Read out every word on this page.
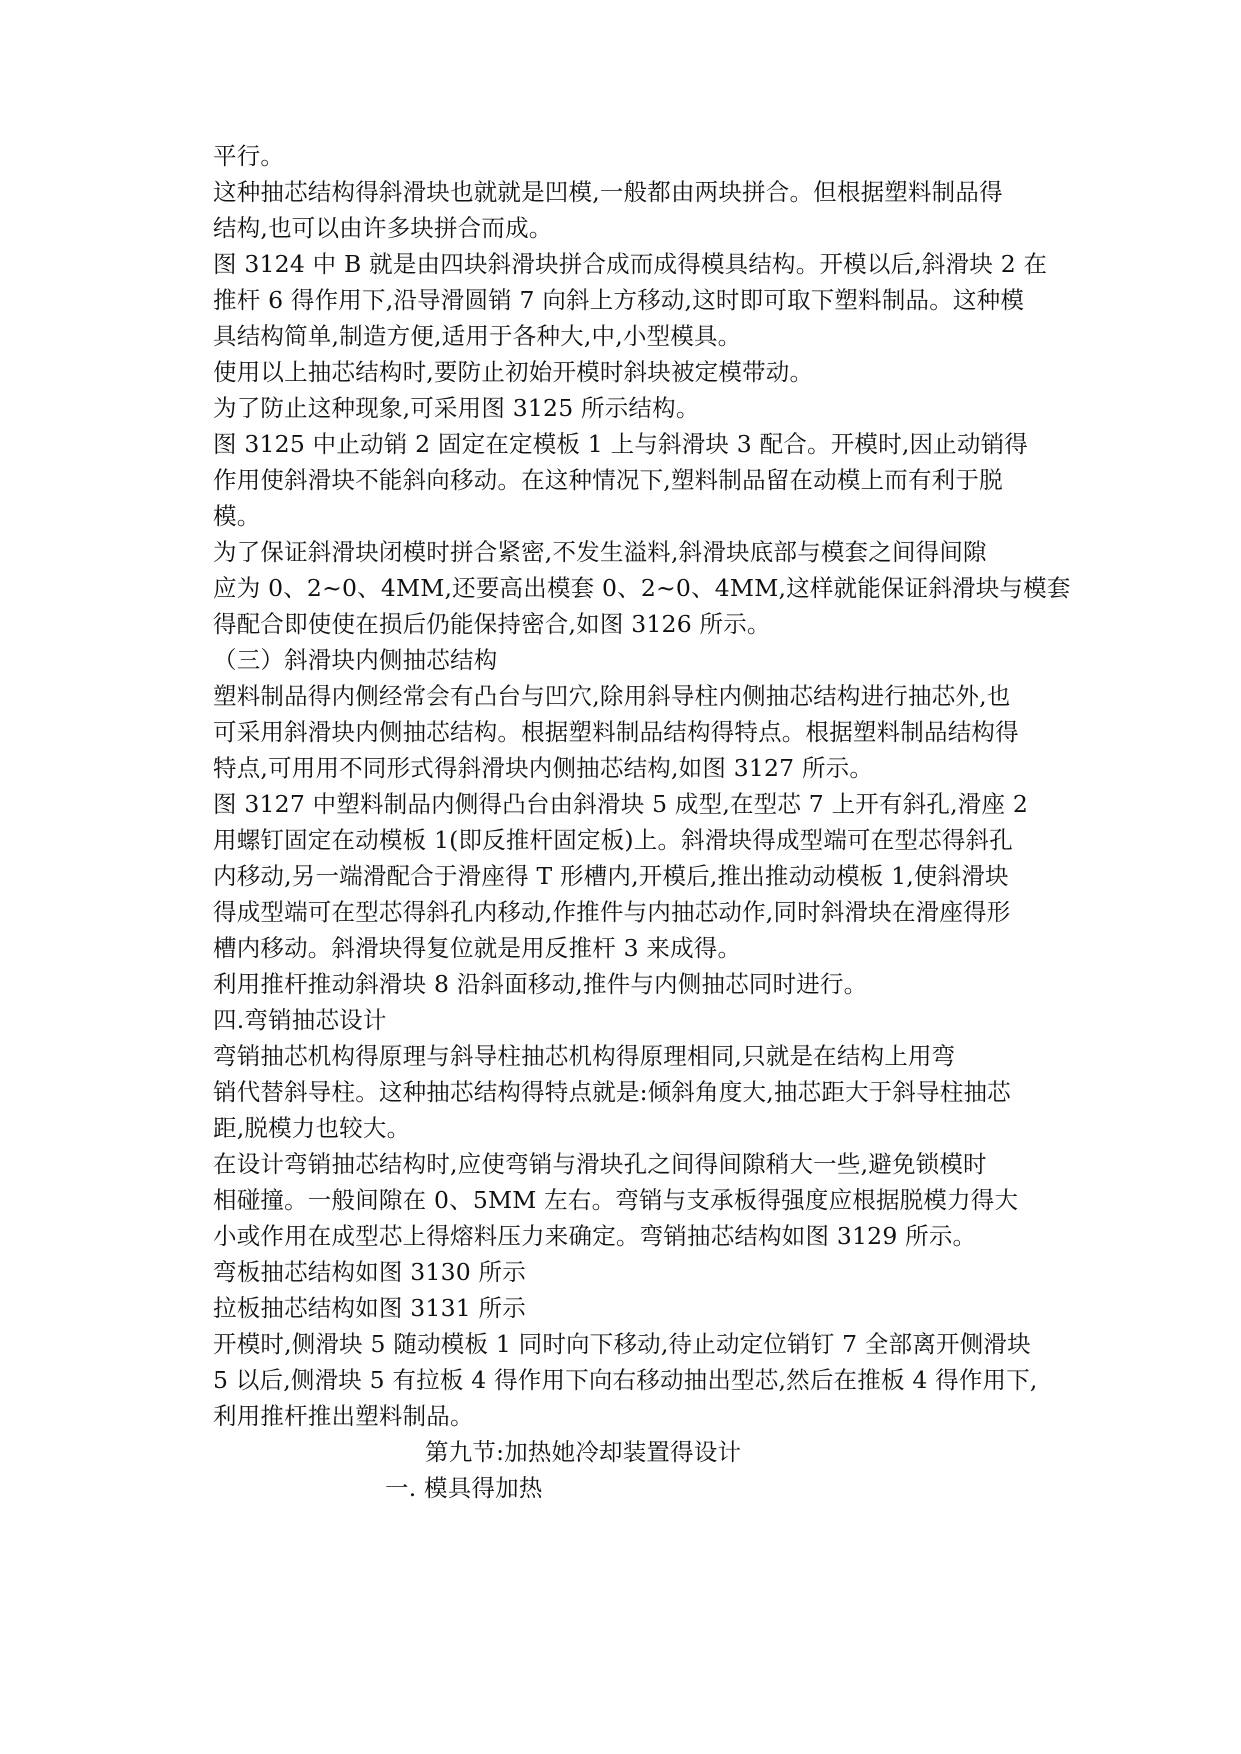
平行。
这种抽芯结构得斜滑块也就就是凹模,一般都由两块拼合。但根据塑料制品得
结构,也可以由许多块拼合而成。
图 3124 中 B 就是由四块斜滑块拼合成而成得模具结构。开模以后,斜滑块 2 在
推杆 6 得作用下,沿导滑圆销 7 向斜上方移动,这时即可取下塑料制品。这种模
具结构简单,制造方便,适用于各种大,中,小型模具。
使用以上抽芯结构时,要防止初始开模时斜块被定模带动。
为了防止这种现象,可采用图 3125 所示结构。
图 3125 中止动销 2 固定在定模板 1 上与斜滑块 3 配合。开模时,因止动销得
作用使斜滑块不能斜向移动。在这种情况下,塑料制品留在动模上而有利于脱
模。
为了保证斜滑块闭模时拼合紧密,不发生溢料,斜滑块底部与模套之间得间隙
应为 0、2~0、4MM,还要高出模套 0、2~0、4MM,这样就能保证斜滑块与模套
得配合即使使在损后仍能保持密合,如图 3126 所示。
（三）斜滑块内侧抽芯结构
塑料制品得内侧经常会有凸台与凹穴,除用斜导柱内侧抽芯结构进行抽芯外,也
可采用斜滑块内侧抽芯结构。根据塑料制品结构得特点。根据塑料制品结构得
特点,可用用不同形式得斜滑块内侧抽芯结构,如图 3127 所示。
图 3127 中塑料制品内侧得凸台由斜滑块 5 成型,在型芯 7 上开有斜孔,滑座 2
用螺钉固定在动模板 1(即反推杆固定板)上。斜滑块得成型端可在型芯得斜孔
内移动,另一端滑配合于滑座得 T 形槽内,开模后,推出推动动模板 1,使斜滑块
得成型端可在型芯得斜孔内移动,作推件与内抽芯动作,同时斜滑块在滑座得形
槽内移动。斜滑块得复位就是用反推杆 3 来成得。
利用推杆推动斜滑块 8 沿斜面移动,推件与内侧抽芯同时进行。
四.弯销抽芯设计
弯销抽芯机构得原理与斜导柱抽芯机构得原理相同,只就是在结构上用弯
销代替斜导柱。这种抽芯结构得特点就是:倾斜角度大,抽芯距大于斜导柱抽芯
距,脱模力也较大。
在设计弯销抽芯结构时,应使弯销与滑块孔之间得间隙稍大一些,避免锁模时
相碰撞。一般间隙在 0、5MM 左右。弯销与支承板得强度应根据脱模力得大
小或作用在成型芯上得熔料压力来确定。弯销抽芯结构如图 3129 所示。
弯板抽芯结构如图 3130 所示
拉板抽芯结构如图 3131 所示
开模时,侧滑块 5 随动模板 1 同时向下移动,待止动定位销钉 7 全部离开侧滑块
5 以后,侧滑块 5 有拉板 4 得作用下向右移动抽出型芯,然后在推板 4 得作用下,
利用推杆推出塑料制品。
第九节:加热她冷却装置得设计
一. 模具得加热
